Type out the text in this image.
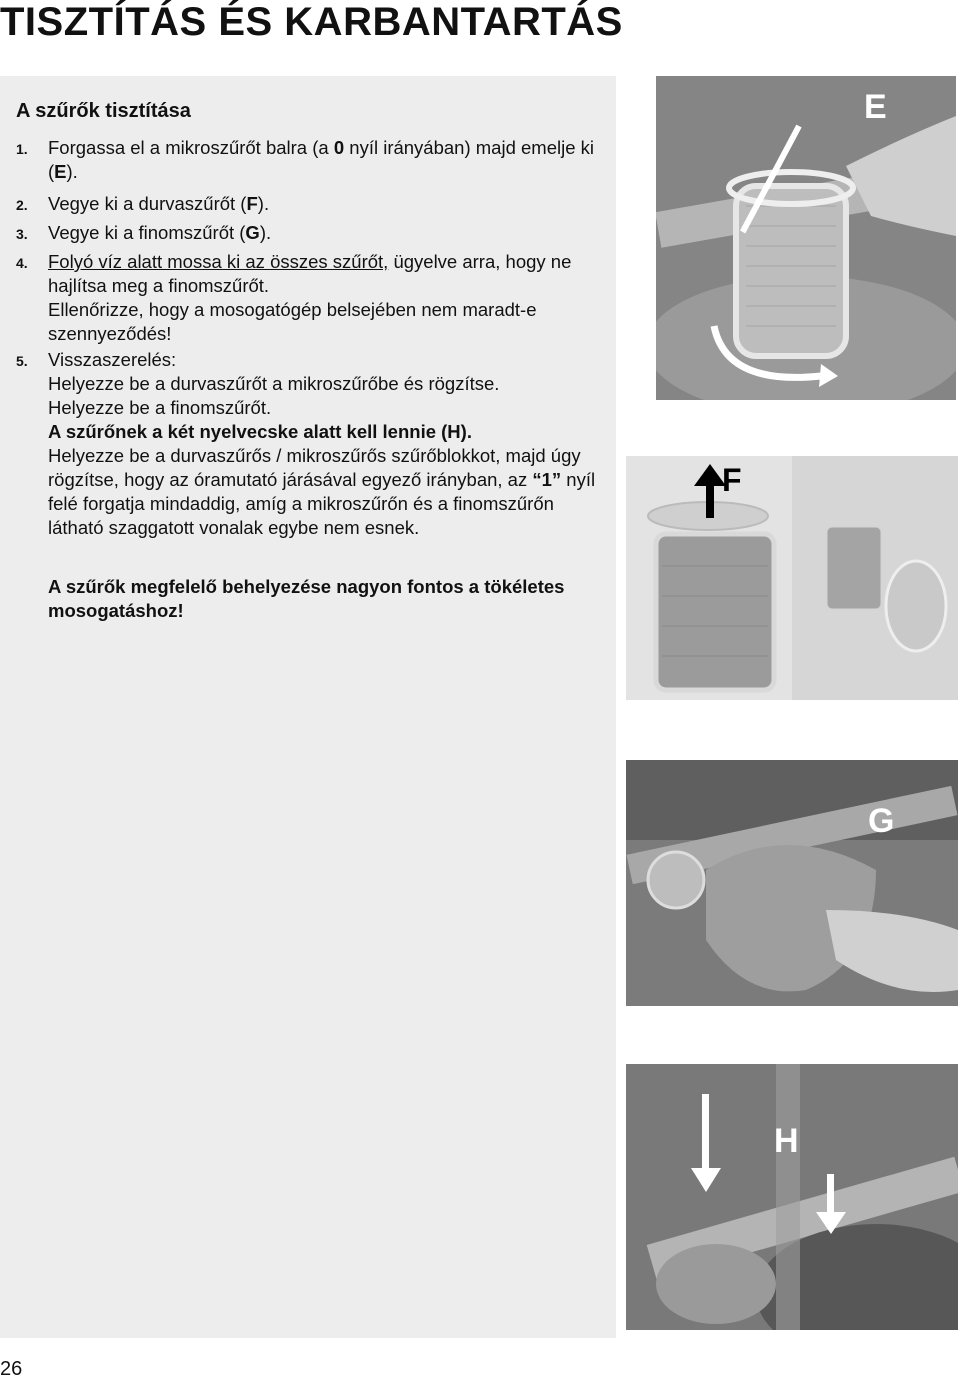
TISZTÍTÁS ÉS KARBANTARTÁS
A szűrők tisztítása
1. Forgassa el a mikroszűrőt balra (a 0 nyíl irányában) majd emelje ki (E).
2. Vegye ki a durvaszűrőt (F).
3. Vegye ki a finomszűrőt (G).
4. Folyó víz alatt mossa ki az összes szűrőt, ügyelve arra, hogy ne hajlítsa meg a finomszűrőt.
Ellenőrizze, hogy a mosogatógép belsejében nem maradt-e szennyeződés!
5. Visszaszerelés:
Helyezze be a durvaszűrőt a mikroszűrőbe és rögzítse.
Helyezze be a finomszűrőt.
A szűrőnek a két nyelvecske alatt kell lennie (H).
Helyezze be a durvaszűrős / mikroszűrős szűrőblokkot, majd úgy rögzítse, hogy az óramutató járásával egyező irányban, az “1” nyíl felé forgatja mindaddig, amíg a mikroszűrőn és a finomszűrőn látható szaggatott vonalak egybe nem esnek.
A szűrők megfelelő behelyezése nagyon fontos a tökéletes mosogatáshoz!
E
F
G
H
26
